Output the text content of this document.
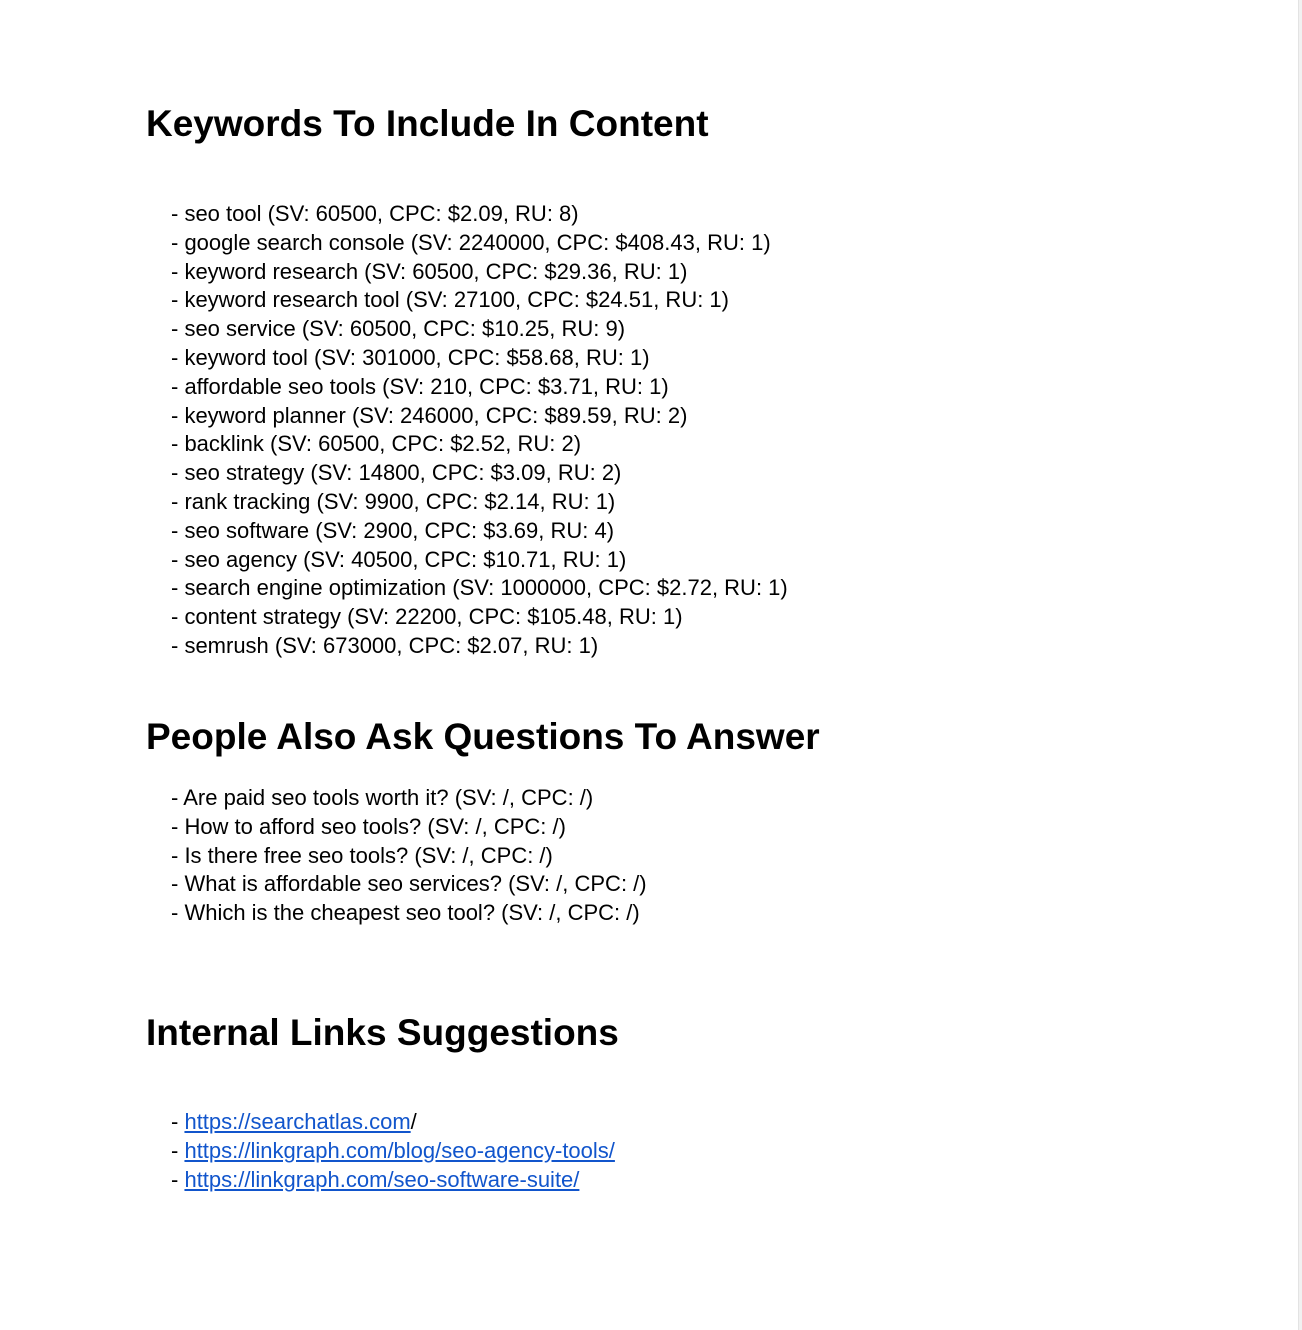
Keywords To Include In Content
- seo tool (SV: 60500, CPC: $2.09, RU: 8)
- google search console (SV: 2240000, CPC: $408.43, RU: 1)
- keyword research (SV: 60500, CPC: $29.36, RU: 1)
- keyword research tool (SV: 27100, CPC: $24.51, RU: 1)
- seo service (SV: 60500, CPC: $10.25, RU: 9)
- keyword tool (SV: 301000, CPC: $58.68, RU: 1)
- affordable seo tools (SV: 210, CPC: $3.71, RU: 1)
- keyword planner (SV: 246000, CPC: $89.59, RU: 2)
- backlink (SV: 60500, CPC: $2.52, RU: 2)
- seo strategy (SV: 14800, CPC: $3.09, RU: 2)
- rank tracking (SV: 9900, CPC: $2.14, RU: 1)
- seo software (SV: 2900, CPC: $3.69, RU: 4)
- seo agency (SV: 40500, CPC: $10.71, RU: 1)
- search engine optimization (SV: 1000000, CPC: $2.72, RU: 1)
- content strategy (SV: 22200, CPC: $105.48, RU: 1)
- semrush (SV: 673000, CPC: $2.07, RU: 1)
People Also Ask Questions To Answer
- Are paid seo tools worth it? (SV: /, CPC: /)
- How to afford seo tools? (SV: /, CPC: /)
- Is there free seo tools? (SV: /, CPC: /)
- What is affordable seo services? (SV: /, CPC: /)
- Which is the cheapest seo tool? (SV: /, CPC: /)
Internal Links Suggestions
- https://searchatlas.com/
- https://linkgraph.com/blog/seo-agency-tools/
- https://linkgraph.com/seo-software-suite/
